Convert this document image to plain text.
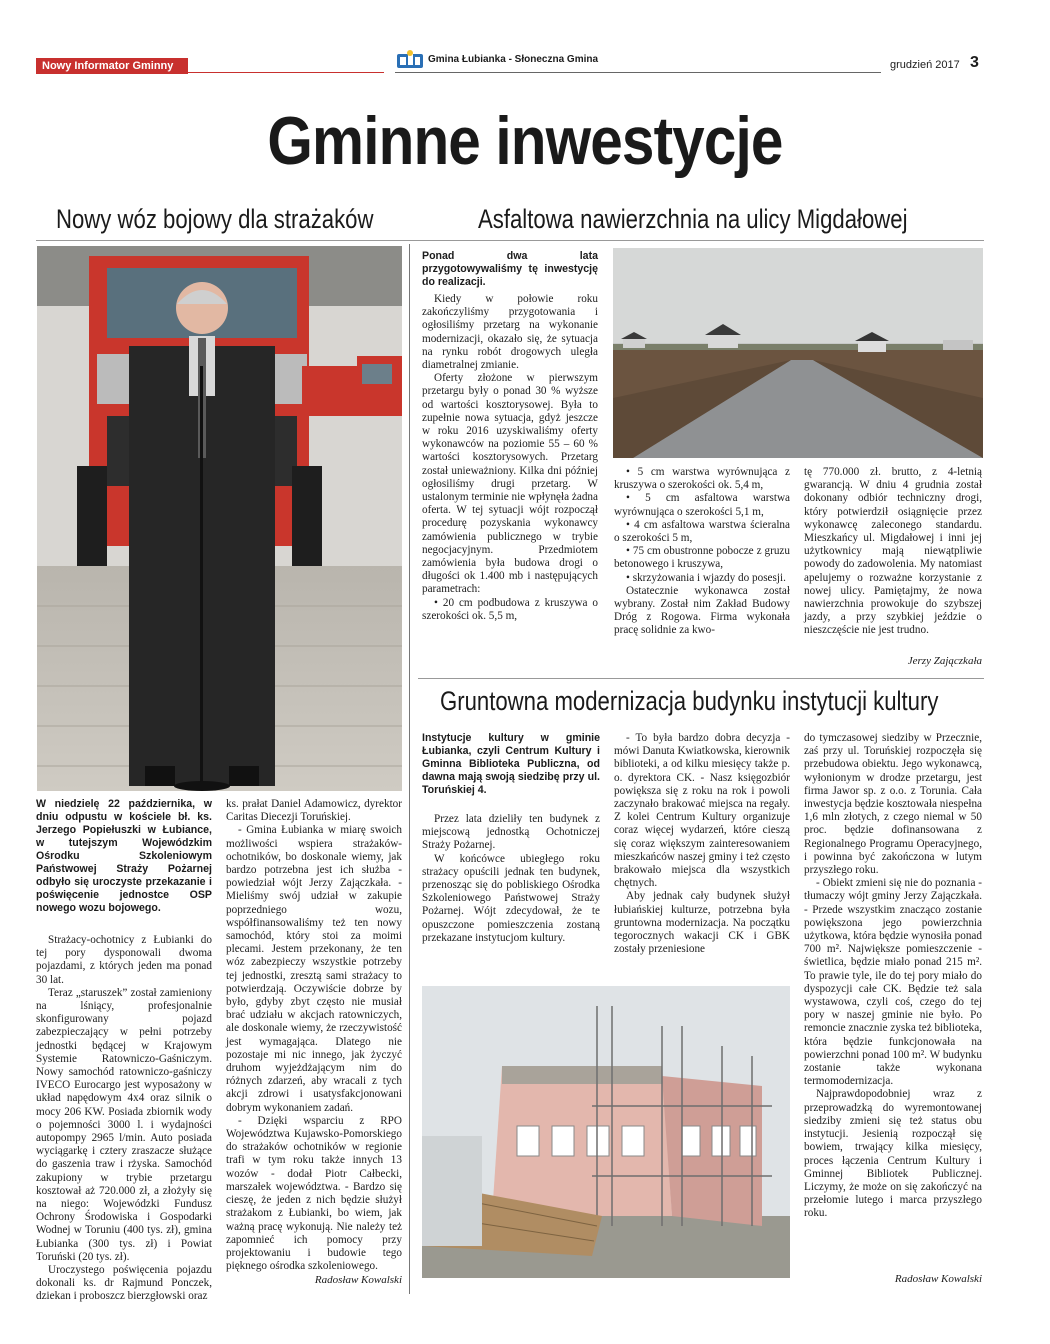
Nowy Informator Gminny
Gmina Łubianka - Słoneczna Gmina	grudzień 2017 3
Gminne inwestycje
Nowy wóz bojowy dla strażaków	Asfaltowa nawierzchnia na ulicy Migdałowej
W niedzielę 22 października, w dniu odpustu w kościele bł. ks. Jerzego Popiełuszki w Łubiance, w tutejszym Wojewódzkim Ośrodku Szkoleniowym Państwowej Straży Pożarnej odbyło się uroczyste przekazanie i poświęcenie jednostce OSP nowego wozu bojowego.

Strażacy-ochotnicy z Łubianki do tej pory dysponowali dwoma pojazdami, z których jeden ma ponad 30 lat.

Teraz „staruszek” został zamieniony na lśniący, profesjonalnie skonfigurowany pojazd zabezpieczający w pełni potrzeby jednostki będącej w Krajowym Systemie Ratowniczo-Gaśniczym. Nowy samochód ratowniczo-gaśniczy IVECO Eurocargo jest wyposażony w układ napędowym 4x4 oraz silnik o mocy 206 KW. Posiada zbiornik wody o pojemności 3000 l. i wydajności autopompy 2965 l/min. Auto posiada wyciągarkę i cztery zraszacze służące do gaszenia traw i rżyska. Samochód zakupiony w trybie przetargu kosztował aż 720.000 zł, a złożyły się na niego: Wojewódzki Fundusz Ochrony Środowiska i Gospodarki Wodnej w Toruniu (400 tys. zł), gmina Łubianka (300 tys. zł) i Powiat Toruński (20 tys. zł).

Uroczystego poświęcenia pojazdu dokonali ks. dr Rajmund Ponczek, dziekan i proboszcz bierzgłowski oraz

ks. prałat Daniel Adamowicz, dyrektor Caritas Diecezji Toruńskiej.

- Gmina Łubianka w miarę swoich możliwości wspiera strażaków-ochotników, bo doskonale wiemy, jak bardzo potrzebna jest ich służba - powiedział wójt Jerzy Zajączkała. - Mieliśmy swój udział w zakupie poprzedniego wozu, współfinansowaliśmy też ten nowy samochód, który stoi za moimi plecami. Jestem przekonany, że ten wóz zabezpieczy wszystkie potrzeby tej jednostki, zresztą sami strażacy to potwierdzają. Oczywiście dobrze by było, gdyby zbyt często nie musiał brać udziału w akcjach ratowniczych, ale doskonale wiemy, że rzeczywistość jest wymagająca. Dlatego nie pozostaje mi nic innego, jak życzyć druhom wyjeżdżającym nim do różnych zdarzeń, aby wracali z tych akcji zdrowi i usatysfakcjonowani dobrym wykonaniem zadań.

- Dzięki wsparciu z RPO Województwa Kujawsko-Pomorskiego do strażaków ochotników w regionie trafi w tym roku także innych 13 wozów - dodał Piotr Całbecki, marszałek województwa. - Bardzo się cieszę, że jeden z nich będzie służył strażakom z Łubianki, bo wiem, jak ważną pracę wykonują. Nie należy też zapomnieć ich pomocy przy projektowaniu i budowie tego pięknego ośrodka szkoleniowego.

Radosław Kowalski
Ponad dwa lata przygotowywaliśmy tę inwestycję do realizacji.

Kiedy w połowie roku zakończyliśmy przygotowania i ogłosiliśmy przetarg na wykonanie modernizacji, okazało się, że sytuacja na rynku robót drogowych uległa diametralnej zmianie.

Oferty złożone w pierwszym przetargu były o ponad 30 % wyższe od wartości kosztorysowej. Była to zupełnie nowa sytuacja, gdyż jeszcze w roku 2016 uzyskiwaliśmy oferty wykonawców na poziomie 55 – 60 % wartości kosztorysowych. Przetarg został unieważniony. Kilka dni później ogłosiliśmy drugi przetarg. W ustalonym terminie nie wpłynęła żadna oferta. W tej sytuacji wójt rozpoczął procedurę pozyskania wykonawcy zamówienia publicznego w trybie negocjacyjnym. Przedmiotem zamówienia była budowa drogi o długości ok 1.400 mb i następujących parametrach:

• 20 cm podbudowa z kruszywa o szerokości ok. 5,5 m,

• 5 cm warstwa wyrównująca z kruszywa o szerokości ok. 5,4 m,

• 5 cm asfaltowa warstwa wyrównująca o szerokości 5,1 m,

• 4 cm asfaltowa warstwa ścieralna o szerokości 5 m,

• 75 cm obustronne pobocze z gruzu betonowego i kruszywa,

• skrzyżowania i wjazdy do posesji.

Ostatecznie wykonawca został wybrany. Został nim Zakład Budowy Dróg z Rogowa. Firma wykonała pracę solidnie za kwo-

tę 770.000 zł. brutto, z 4-letnią gwarancją. W dniu 4 grudnia został dokonany odbiór techniczny drogi, który potwierdził osiągnięcie przez wykonawcę zaleconego standardu. Mieszkańcy ul. Migdałowej i inni jej użytkownicy mają niewątpliwie powody do zadowolenia. My natomiast apelujemy o rozważne korzystanie z nowej ulicy. Pamiętajmy, że nowa nawierzchnia prowokuje do szybszej jazdy, a przy szybkiej jeździe o nieszczęście nie jest trudno.

Jerzy Zajączkała
Gruntowna modernizacja budynku instytucji kultury
Instytucje kultury w gminie Łubianka, czyli Centrum Kultury i Gminna Biblioteka Publiczna, od dawna mają swoją siedzibę przy ul. Toruńskiej 4.

Przez lata dzieliły ten budynek z miejscową jednostką Ochotniczej Straży Pożarnej.

W końcówce ubiegłego roku strażacy opuścili jednak ten budynek, przenosząc się do pobliskiego Ośrodka Szkoleniowego Państwowej Straży Pożarnej. Wójt zdecydował, że te opuszczone pomieszczenia zostaną przekazane instytucjom kultury.

- To była bardzo dobra decyzja - mówi Danuta Kwiatkowska, kierownik biblioteki, a od kilku miesięcy także p. o. dyrektora CK. - Nasz księgozbiór powiększa się z roku na rok i powoli zaczynało brakować miejsca na regały. Z kolei Centrum Kultury organizuje coraz więcej wydarzeń, które cieszą się coraz większym zainteresowaniem mieszkańców naszej gminy i też często brakowało miejsca dla wszystkich chętnych.

Aby jednak cały budynek służył łubiańskiej kulturze, potrzebna była gruntowna modernizacja. Na początku tegorocznych wakacji CK i GBK zostały przeniesione

do tymczasowej siedziby w Przecznie, zaś przy ul. Toruńskiej rozpoczęła się przebudowa obiektu. Jego wykonawcą, wyłonionym w drodze przetargu, jest firma Jawor sp. z o.o. z Torunia. Cała inwestycja będzie kosztowała niespełna 1,6 mln złotych, z czego niemal w 50 proc. będzie dofinansowana z Regionalnego Programu Operacyjnego, i powinna być zakończona w lutym przyszłego roku.

- Obiekt zmieni się nie do poznania - tłumaczy wójt gminy Jerzy Zajączkała. - Przede wszystkim znacząco zostanie powiększona jego powierzchnia użytkowa, która będzie wynosiła ponad 700 m². Największe pomieszczenie - świetlica, będzie miało ponad 215 m². To prawie tyle, ile do tej pory miało do dyspozycji całe CK. Będzie też sala wystawowa, czyli coś, czego do tej pory w naszej gminie nie było. Po remoncie znacznie zyska też biblioteka, która będzie funkcjonowała na powierzchni ponad 100 m². W budynku zostanie także wykonana termomodernizacja.

Najprawdopodobniej wraz z przeprowadzką do wyremontowanej siedziby zmieni się też status obu instytucji. Jesienią rozpoczął się bowiem, trwający kilka miesięcy, proces łączenia Centrum Kultury i Gminnej Bibliotek Publicznej. Liczymy, że może on się zakończyć na przełomie lutego i marca przyszłego roku.

Radosław Kowalski
